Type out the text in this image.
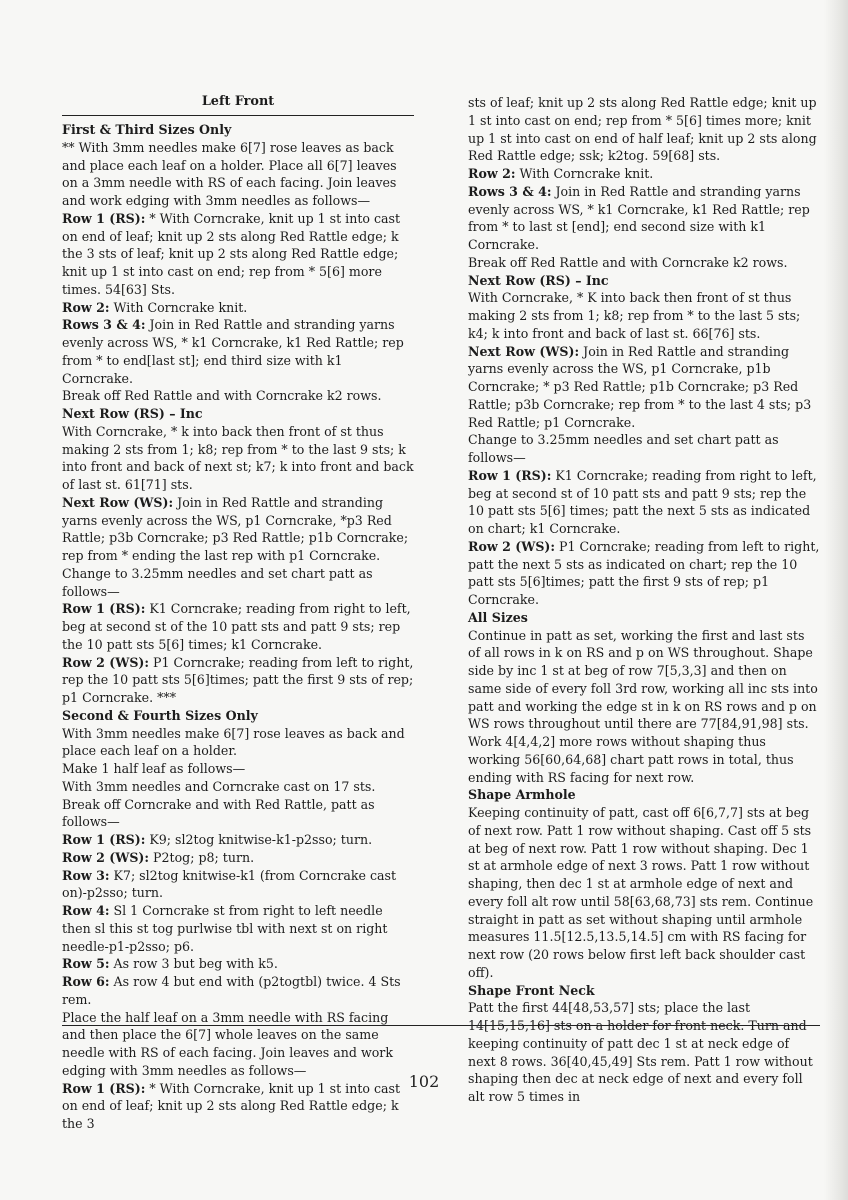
Left Front

First & Third Sizes Only

** With 3mm needles make 6[7] rose leaves as back and place each leaf on a holder. Place all 6[7] leaves on a 3mm needle with RS of each facing. Join leaves and work edging with 3mm needles as follows—

Row 1 (RS): * With Corncrake, knit up 1 st into cast on end of leaf; knit up 2 sts along Red Rattle edge; k the 3 sts of leaf; knit up 2 sts along Red Rattle edge; knit up 1 st into cast on end; rep from * 5[6] more times. 54[63] Sts.

Row 2: With Corncrake knit.

Rows 3 & 4: Join in Red Rattle and stranding yarns evenly across WS, * k1 Corncrake, k1 Red Rattle; rep from * to end[last st]; end third size with k1 Corncrake.

Break off Red Rattle and with Corncrake k2 rows.

Next Row (RS) – Inc

With Corncrake, * k into back then front of st thus making 2 sts from 1; k8; rep from * to the last 9 sts; k into front and back of next st; k7; k into front and back of last st. 61[71] sts.

Next Row (WS): Join in Red Rattle and stranding yarns evenly across the WS, p1 Corncrake, *p3 Red Rattle; p3b Corncrake; p3 Red Rattle; p1b Corncrake; rep from * ending the last rep with p1 Corncrake.

Change to 3.25mm needles and set chart patt as follows—

Row 1 (RS): K1 Corncrake; reading from right to left, beg at second st of the 10 patt sts and patt 9 sts; rep the 10 patt sts 5[6] times; k1 Corncrake.

Row 2 (WS): P1 Corncrake; reading from left to right, rep the 10 patt sts 5[6]times; patt the first 9 sts of rep; p1 Corncrake. ***

Second & Fourth Sizes Only

With 3mm needles make 6[7] rose leaves as back and place each leaf on a holder.

Make 1 half leaf as follows—

With 3mm needles and Corncrake cast on 17 sts. Break off Corncrake and with Red Rattle, patt as follows—

Row 1 (RS): K9; sl2tog knitwise-k1-p2sso; turn.

Row 2 (WS): P2tog; p8; turn.

Row 3: K7; sl2tog knitwise-k1 (from Corncrake cast on)-p2sso; turn.

Row 4: Sl 1 Corncrake st from right to left needle then sl this st tog purlwise tbl with next st on right needle-p1-p2sso; p6.

Row 5: As row 3 but beg with k5.

Row 6: As row 4 but end with (p2togtbl) twice. 4 Sts rem.

Place the half leaf on a 3mm needle with RS facing and then place the 6[7] whole leaves on the same needle with RS of each facing. Join leaves and work edging with 3mm needles as follows—

Row 1 (RS): * With Corncrake, knit up 1 st into cast on end of leaf; knit up 2 sts along Red Rattle edge; k the 3

sts of leaf; knit up 2 sts along Red Rattle edge; knit up 1 st into cast on end; rep from * 5[6] times more; knit up 1 st into cast on end of half leaf; knit up 2 sts along Red Rattle edge; ssk; k2tog. 59[68] sts.

Row 2: With Corncrake knit.

Rows 3 & 4: Join in Red Rattle and stranding yarns evenly across WS, * k1 Corncrake, k1 Red Rattle; rep from * to last st [end]; end second size with k1 Corncrake.

Break off Red Rattle and with Corncrake k2 rows.

Next Row (RS) – Inc

With Corncrake, * K into back then front of st thus making 2 sts from 1; k8; rep from * to the last 5 sts; k4; k into front and back of last st. 66[76] sts.

Next Row (WS): Join in Red Rattle and stranding yarns evenly across the WS, p1 Corncrake, p1b Corncrake; * p3 Red Rattle; p1b Corncrake; p3 Red Rattle; p3b Corncrake; rep from * to the last 4 sts; p3 Red Rattle; p1 Corncrake.

Change to 3.25mm needles and set chart patt as follows—

Row 1 (RS): K1 Corncrake; reading from right to left, beg at second st of 10 patt sts and patt 9 sts; rep the 10 patt sts 5[6] times; patt the next 5 sts as indicated on chart; k1 Corncrake.

Row 2 (WS): P1 Corncrake; reading from left to right, patt the next 5 sts as indicated on chart; rep the 10 patt sts 5[6]times; patt the first 9 sts of rep; p1 Corncrake.

All Sizes

Continue in patt as set, working the first and last sts of all rows in k on RS and p on WS throughout. Shape side by inc 1 st at beg of row 7[5,3,3] and then on same side of every foll 3rd row, working all inc sts into patt and working the edge st in k on RS rows and p on WS rows throughout until there are 77[84,91,98] sts. Work 4[4,4,2] more rows without shaping thus working 56[60,64,68] chart patt rows in total, thus ending with RS facing for next row.

Shape Armhole

Keeping continuity of patt, cast off 6[6,7,7] sts at beg of next row. Patt 1 row without shaping. Cast off 5 sts at beg of next row. Patt 1 row without shaping. Dec 1 st at armhole edge of next 3 rows. Patt 1 row without shaping, then dec 1 st at armhole edge of next and every foll alt row until 58[63,68,73] sts rem. Continue straight in patt as set without shaping until armhole measures 11.5[12.5,13.5,14.5] cm with RS facing for next row (20 rows below first left back shoulder cast off).

Shape Front Neck

Patt the first 44[48,53,57] sts; place the last 14[15,15,16] sts on a holder for front neck. Turn and keeping continuity of patt dec 1 st at neck edge of next 8 rows. 36[40,45,49] Sts rem. Patt 1 row without shaping then dec at neck edge of next and every foll alt row 5 times in

102
